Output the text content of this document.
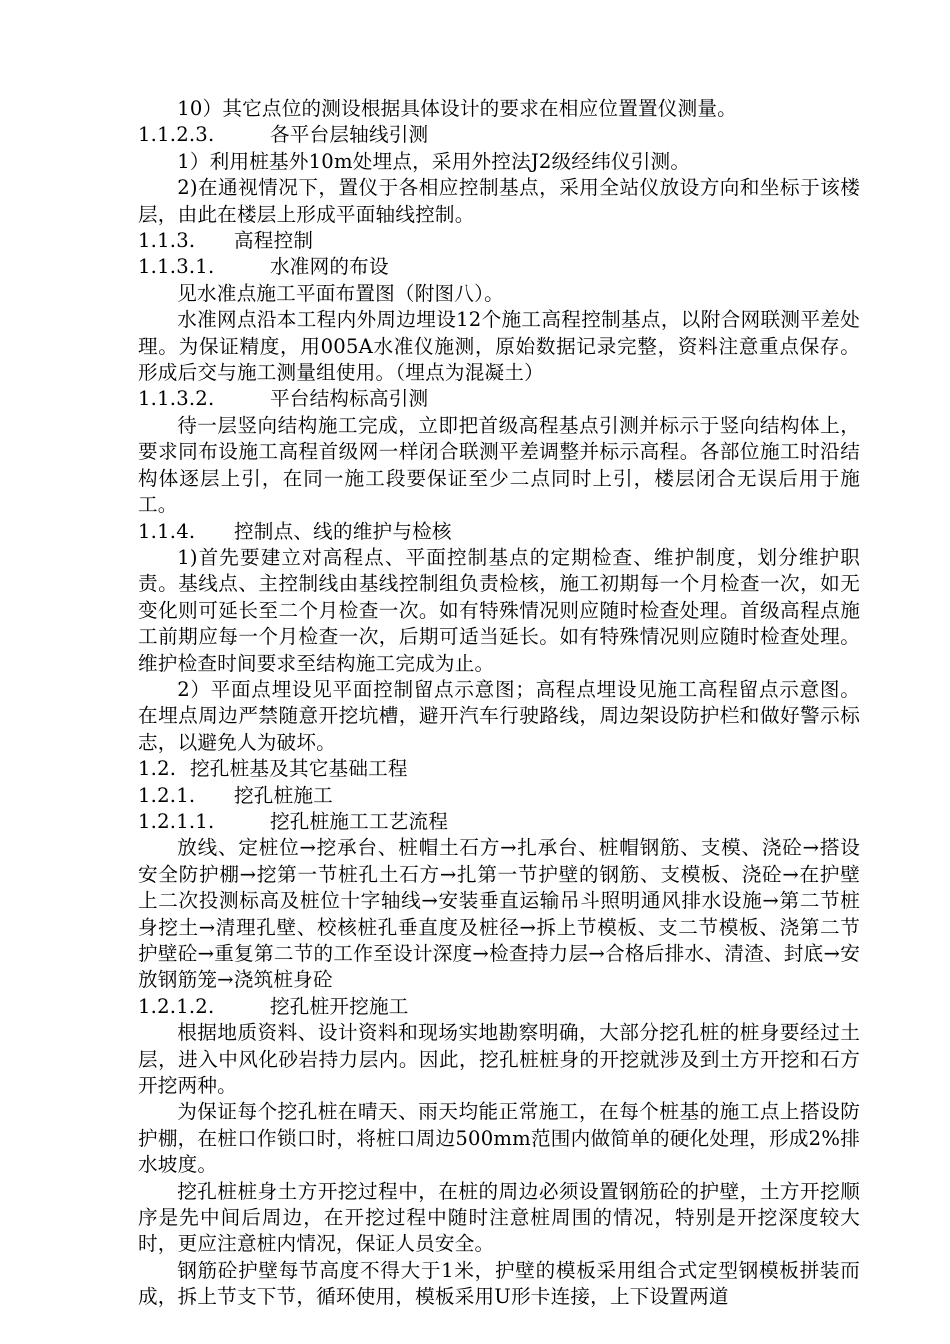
10）其它点位的测设根据具体设计的要求在相应位置置仪测量。

1.1.2.3.	各平台层轴线引测

1）利用桩基外10m处埋点，采用外控法J2级经纬仪引测。

2)在通视情况下，置仪于各相应控制基点，采用全站仪放设方向和坐标于该楼层，由此在楼层上形成平面轴线控制。

1.1.3. 高程控制
1.1.3.1.	水准网的布设

见水准点施工平面布置图（附图八）。

水准网点沿本工程内外周边埋设12个施工高程控制基点，以附合网联测平差处理。为保证精度，用005A水准仪施测，原始数据记录完整，资料注意重点保存。形成后交与施工测量组使用。（埋点为混凝土）

1.1.3.2.	平台结构标高引测

待一层竖向结构施工完成，立即把首级高程基点引测并标示于竖向结构体上，要求同布设施工高程首级网一样闭合联测平差调整并标示高程。各部位施工时沿结构体逐层上引，在同一施工段要保证至少二点同时上引，楼层闭合无误后用于施工。

1.1.4. 控制点、线的维护与检核

1)首先要建立对高程点、平面控制基点的定期检查、维护制度，划分维护职责。基线点、主控制线由基线控制组负责检核，施工初期每一个月检查一次，如无变化则可延长至二个月检查一次。如有特殊情况则应随时检查处理。首级高程点施工前期应每一个月检查一次，后期可适当延长。如有特殊情况则应随时检查处理。维护检查时间要求至结构施工完成为止。

2）平面点埋设见平面控制留点示意图；高程点埋设见施工高程留点示意图。在埋点周边严禁随意开挖坑槽，避开汽车行驶路线，周边架设防护栏和做好警示标志，以避免人为破坏。

1.2. 挖孔桩基及其它基础工程
1.2.1. 挖孔桩施工
1.2.1.1.	挖孔桩施工工艺流程

放线、定桩位→挖承台、桩帽土石方→扎承台、桩帽钢筋、支模、浇砼→搭设安全防护棚→挖第一节桩孔土石方→扎第一节护壁的钢筋、支模板、浇砼→在护壁上二次投测标高及桩位十字轴线→安装垂直运输吊斗照明通风排水设施→第二节桩身挖土→清理孔壁、校核桩孔垂直度及桩径→拆上节模板、支二节模板、浇第二节护壁砼→重复第二节的工作至设计深度→检查持力层→合格后排水、清渣、封底→安放钢筋笼→浇筑桩身砼

1.2.1.2.	挖孔桩开挖施工

根据地质资料、设计资料和现场实地勘察明确，大部分挖孔桩的桩身要经过土层，进入中风化砂岩持力层内。因此，挖孔桩桩身的开挖就涉及到土方开挖和石方开挖两种。

为保证每个挖孔桩在晴天、雨天均能正常施工，在每个桩基的施工点上搭设防护棚，在桩口作锁口时，将桩口周边500mm范围内做简单的硬化处理，形成2%排水坡度。

挖孔桩桩身土方开挖过程中，在桩的周边必须设置钢筋砼的护壁，土方开挖顺序是先中间后周边，在开挖过程中随时注意桩周围的情况，特别是开挖深度较大时，更应注意桩内情况，保证人员安全。

钢筋砼护壁每节高度不得大于1米，护壁的模板采用组合式定型钢模板拼装而成，拆上节支下节，循环使用，模板采用U形卡连接，上下设置两道
